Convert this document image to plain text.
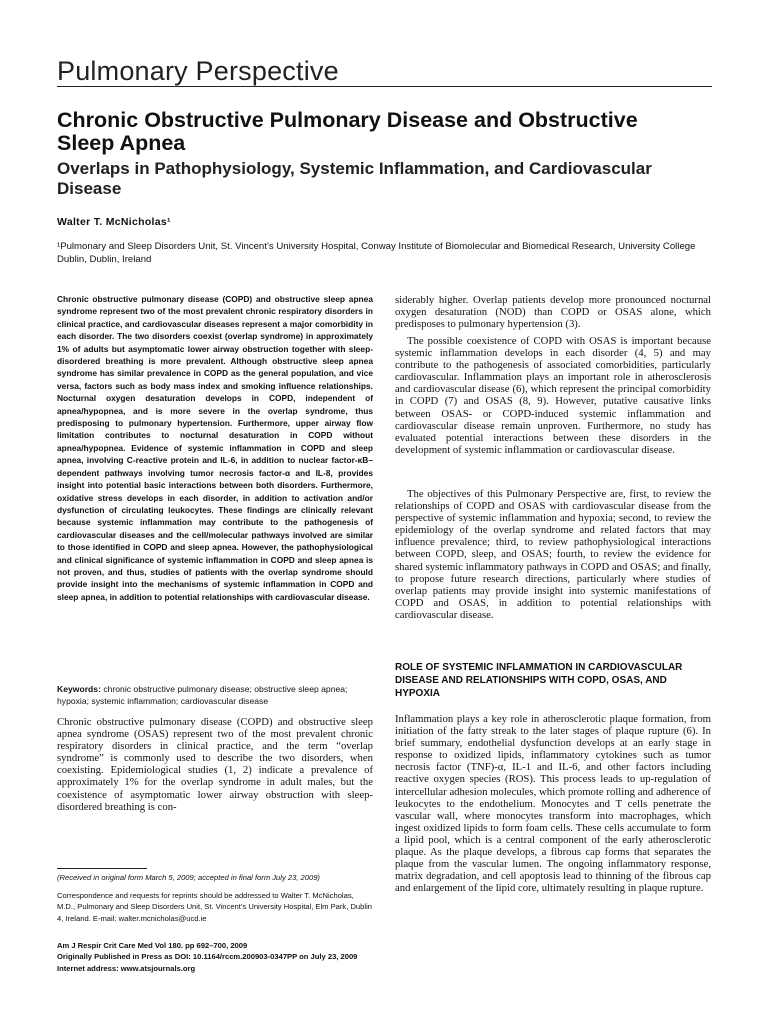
Pulmonary Perspective
Chronic Obstructive Pulmonary Disease and Obstructive Sleep Apnea
Overlaps in Pathophysiology, Systemic Inflammation, and Cardiovascular Disease
Walter T. McNicholas¹
¹Pulmonary and Sleep Disorders Unit, St. Vincent’s University Hospital, Conway Institute of Biomolecular and Biomedical Research, University College Dublin, Dublin, Ireland

Chronic obstructive pulmonary disease (COPD) and obstructive sleep apnea syndrome represent two of the most prevalent chronic respiratory disorders in clinical practice, and cardiovascular diseases represent a major comorbidity in each disorder. The two disorders coexist (overlap syndrome) in approximately 1% of adults but asymptomatic lower airway obstruction together with sleep-disordered breathing is more prevalent. Although obstructive sleep apnea syndrome has similar prevalence in COPD as the general population, and vice versa, factors such as body mass index and smoking influence relationships. Nocturnal oxygen desaturation develops in COPD, independent of apnea/hypopnea, and is more severe in the overlap syndrome, thus predisposing to pulmonary hypertension. Furthermore, upper airway flow limitation contributes to nocturnal desaturation in COPD without apnea/hypopnea. Evidence of systemic inflammation in COPD and sleep apnea, involving C-reactive protein and IL-6, in addition to nuclear factor-κB–dependent pathways involving tumor necrosis factor-α and IL-8, provides insight into potential basic interactions between both disorders. Furthermore, oxidative stress develops in each disorder, in addition to activation and/or dysfunction of circulating leukocytes. These findings are clinically relevant because systemic inflammation may contribute to the pathogenesis of cardiovascular diseases and the cell/molecular pathways involved are similar to those identified in COPD and sleep apnea. However, the pathophysiological and clinical significance of systemic inflammation in COPD and sleep apnea is not proven, and thus, studies of patients with the overlap syndrome should provide insight into the mechanisms of systemic inflammation in COPD and sleep apnea, in addition to potential relationships with cardiovascular disease.

Keywords: chronic obstructive pulmonary disease; obstructive sleep apnea; hypoxia; systemic inflammation; cardiovascular disease

Chronic obstructive pulmonary disease (COPD) and obstructive sleep apnea syndrome (OSAS) represent two of the most prevalent chronic respiratory disorders in clinical practice, and the term “overlap syndrome” is commonly used to describe the two disorders, when coexisting. Epidemiological studies (1, 2) indicate a prevalence of approximately 1% for the overlap syndrome in adult males, but the coexistence of asymptomatic lower airway obstruction with sleep-disordered breathing is con-

(Received in original form March 5, 2009; accepted in final form July 23, 2009)

Correspondence and requests for reprints should be addressed to Walter T. McNicholas, M.D., Pulmonary and Sleep Disorders Unit, St. Vincent’s University Hospital, Elm Park, Dublin 4, Ireland. E-mail: walter.mcnicholas@ucd.ie

Am J Respir Crit Care Med Vol 180. pp 692–700, 2009
Originally Published in Press as DOI: 10.1164/rccm.200903-0347PP on July 23, 2009
Internet address: www.atsjournals.org

siderably higher. Overlap patients develop more pronounced nocturnal oxygen desaturation (NOD) than COPD or OSAS alone, which predisposes to pulmonary hypertension (3).

The possible coexistence of COPD with OSAS is important because systemic inflammation develops in each disorder (4, 5) and may contribute to the pathogenesis of associated comorbidities, particularly cardiovascular. Inflammation plays an important role in atherosclerosis and cardiovascular disease (6), which represent the principal comorbidity in COPD (7) and OSAS (8, 9). However, putative causative links between OSAS- or COPD-induced systemic inflammation and cardiovascular disease remain unproven. Furthermore, no study has evaluated potential interactions between these disorders in the development of systemic inflammation or cardiovascular disease.

The objectives of this Pulmonary Perspective are, first, to review the relationships of COPD and OSAS with cardiovascular disease from the perspective of systemic inflammation and hypoxia; second, to review the epidemiology of the overlap syndrome and related factors that may influence prevalence; third, to review pathophysiological interactions between COPD, sleep, and OSAS; fourth, to review the evidence for shared systemic inflammatory pathways in COPD and OSAS; and finally, to propose future research directions, particularly where studies of overlap patients may provide insight into systemic manifestations of COPD and OSAS, in addition to potential relationships with cardiovascular disease.

ROLE OF SYSTEMIC INFLAMMATION IN CARDIOVASCULAR DISEASE AND RELATIONSHIPS WITH COPD, OSAS, AND HYPOXIA

Inflammation plays a key role in atherosclerotic plaque formation, from initiation of the fatty streak to the later stages of plaque rupture (6). In brief summary, endothelial dysfunction develops at an early stage in response to oxidized lipids, inflammatory cytokines such as tumor necrosis factor (TNF)-α, IL-1 and IL-6, and other factors including reactive oxygen species (ROS). This process leads to up-regulation of intercellular adhesion molecules, which promote rolling and adherence of leukocytes to the endothelium. Monocytes and T cells penetrate the vascular wall, where monocytes transform into macrophages, which ingest oxidized lipids to form foam cells. These cells accumulate to form a lipid pool, which is a central component of the early atherosclerotic plaque. As the plaque develops, a fibrous cap forms that separates the plaque from the vascular lumen. The ongoing inflammatory response, matrix degradation, and cell apoptosis lead to thinning of the fibrous cap and enlargement of the lipid core, ultimately resulting in plaque rupture.
